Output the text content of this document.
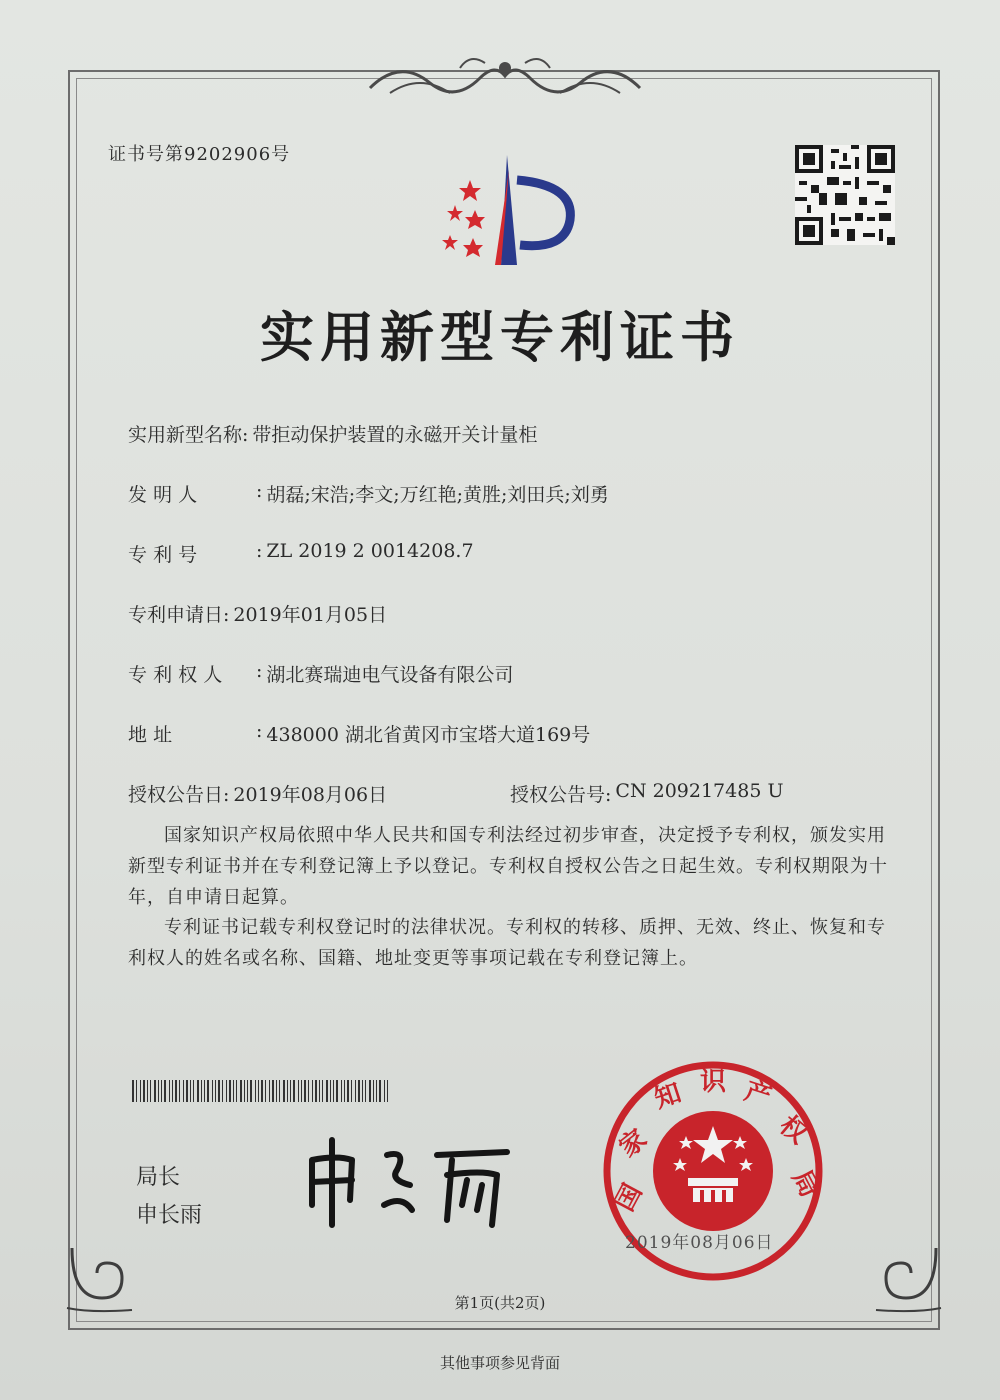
证书号第9202906号
实用新型专利证书
实用新型名称: 带拒动保护装置的永磁开关计量柜
发 明 人	: 胡磊;宋浩;李文;万红艳;黄胜;刘田兵;刘勇
专 利 号	: ZL 2019 2 0014208.7
专利申请日: 2019年01月05日
专 利 权 人	: 湖北赛瑞迪电气设备有限公司
地 址	: 438000 湖北省黄冈市宝塔大道169号
授权公告日: 2019年08月06日	授权公告号: CN 209217485 U
国家知识产权局依照中华人民共和国专利法经过初步审查，决定授予专利权，颁发实用新型专利证书并在专利登记簿上予以登记。专利权自授权公告之日起生效。专利权期限为十年，自申请日起算。
专利证书记载专利权登记时的法律状况。专利权的转移、质押、无效、终止、恢复和专利权人的姓名或名称、国籍、地址变更等事项记载在专利登记簿上。
局长
申长雨	国
家
知 识 产
权
局
2019年08月06日
第1页(共2页)
其他事项参见背面
